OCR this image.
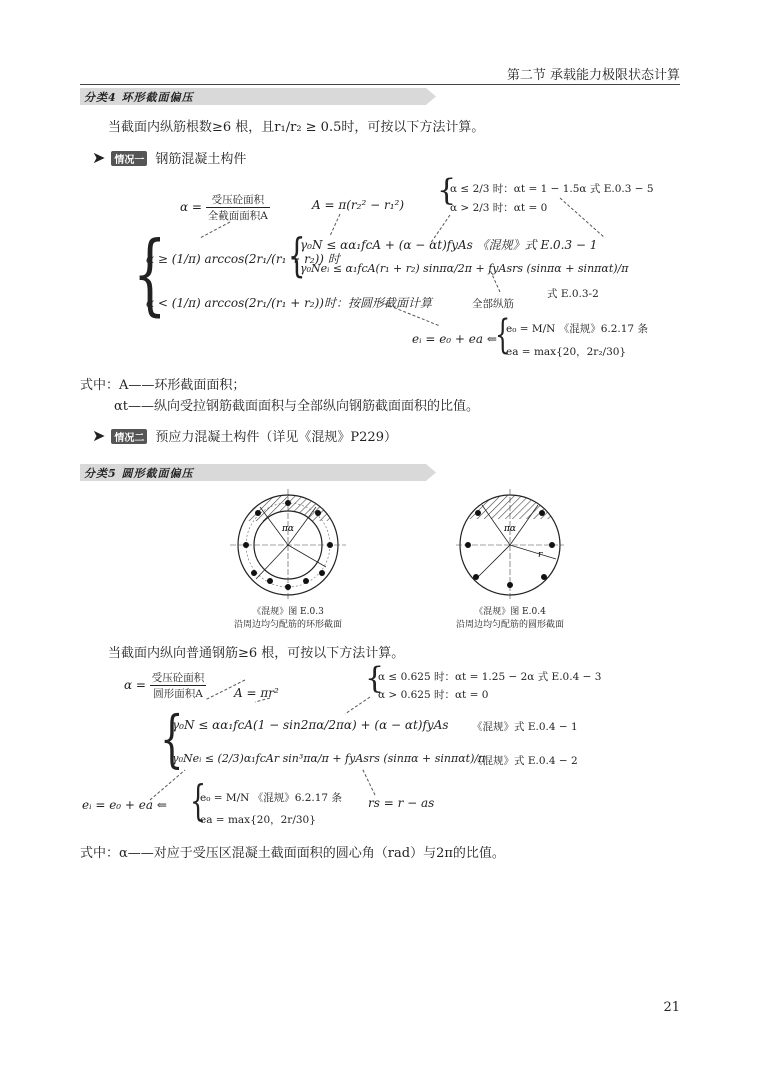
第二节 承载能力极限状态计算
分类4 环形截面偏压
当截面内纵筋根数≥6 根，且r₁/r₂ ≥ 0.5时，可按以下方法计算。
➤ 情况一 钢筋混凝土构件
$\alpha = \frac{\text{受压砼面积}}{\text{全截面面积A}}$	A = π(r₂² − r₁²) {
α ≤ 2/3 时：αt = 1 − 1.5α 式 E.0.3 − 5
α > 2/3 时：αt = 0
{
α ≥ (1/π) arccos(2r₁/(r₁ + r₂)) 时
{
γ₀N ≤ αα₁fcA + (α − αt)fyAs 《混规》式 E.0.3 − 1
γ₀Neᵢ ≤ α₁fcA(r₁ + r₂) sinπα/2π + fyAsrs (sinπα + sinπαt)/π
式 E.0.3-2
全部纵筋
α < (1/π) arccos(2r₁/(r₁ + r₂))时：按圆形截面计算
eᵢ = e₀ + ea ⇐
{
e₀ = M/N 《混规》6.2.17 条
ea = max{20，2r₂/30}
式中：A——环形截面面积；
αt——纵向受拉钢筋截面面积与全部纵向钢筋截面面积的比值。
➤ 情况二 预应力混凝土构件（详见《混规》P229）
分类5 圆形截面偏压
πα
《混规》图 E.0.3
沿周边均匀配筋的环形截面
πα
r
《混规》图 E.0.4
沿周边均匀配筋的圆形截面
当截面内纵向普通钢筋≥6 根，可按以下方法计算。
$\alpha = \frac{\text{受压砼面积}}{\text{圆形面积A}}$ A = πr²	{
α ≤ 0.625 时：αt = 1.25 − 2α 式 E.0.4 − 3
α > 0.625 时：αt = 0
{
γ₀N ≤ αα₁fcA(1 − sin2πα/2πα) + (α − αt)fyAs 《混规》式 E.0.4 − 1
γ₀Neᵢ ≤ (2/3)α₁fcAr sin³πα/π + fyAsrs (sinπα + sinπαt)/π
《混规》式 E.0.4 − 2
eᵢ = e₀ + ea ⇐ {
e₀ = M/N 《混规》6.2.17 条
ea = max{20，2r/30}
rs = r − as
式中：α——对应于受压区混凝土截面面积的圆心角（rad）与2π的比值。
21
